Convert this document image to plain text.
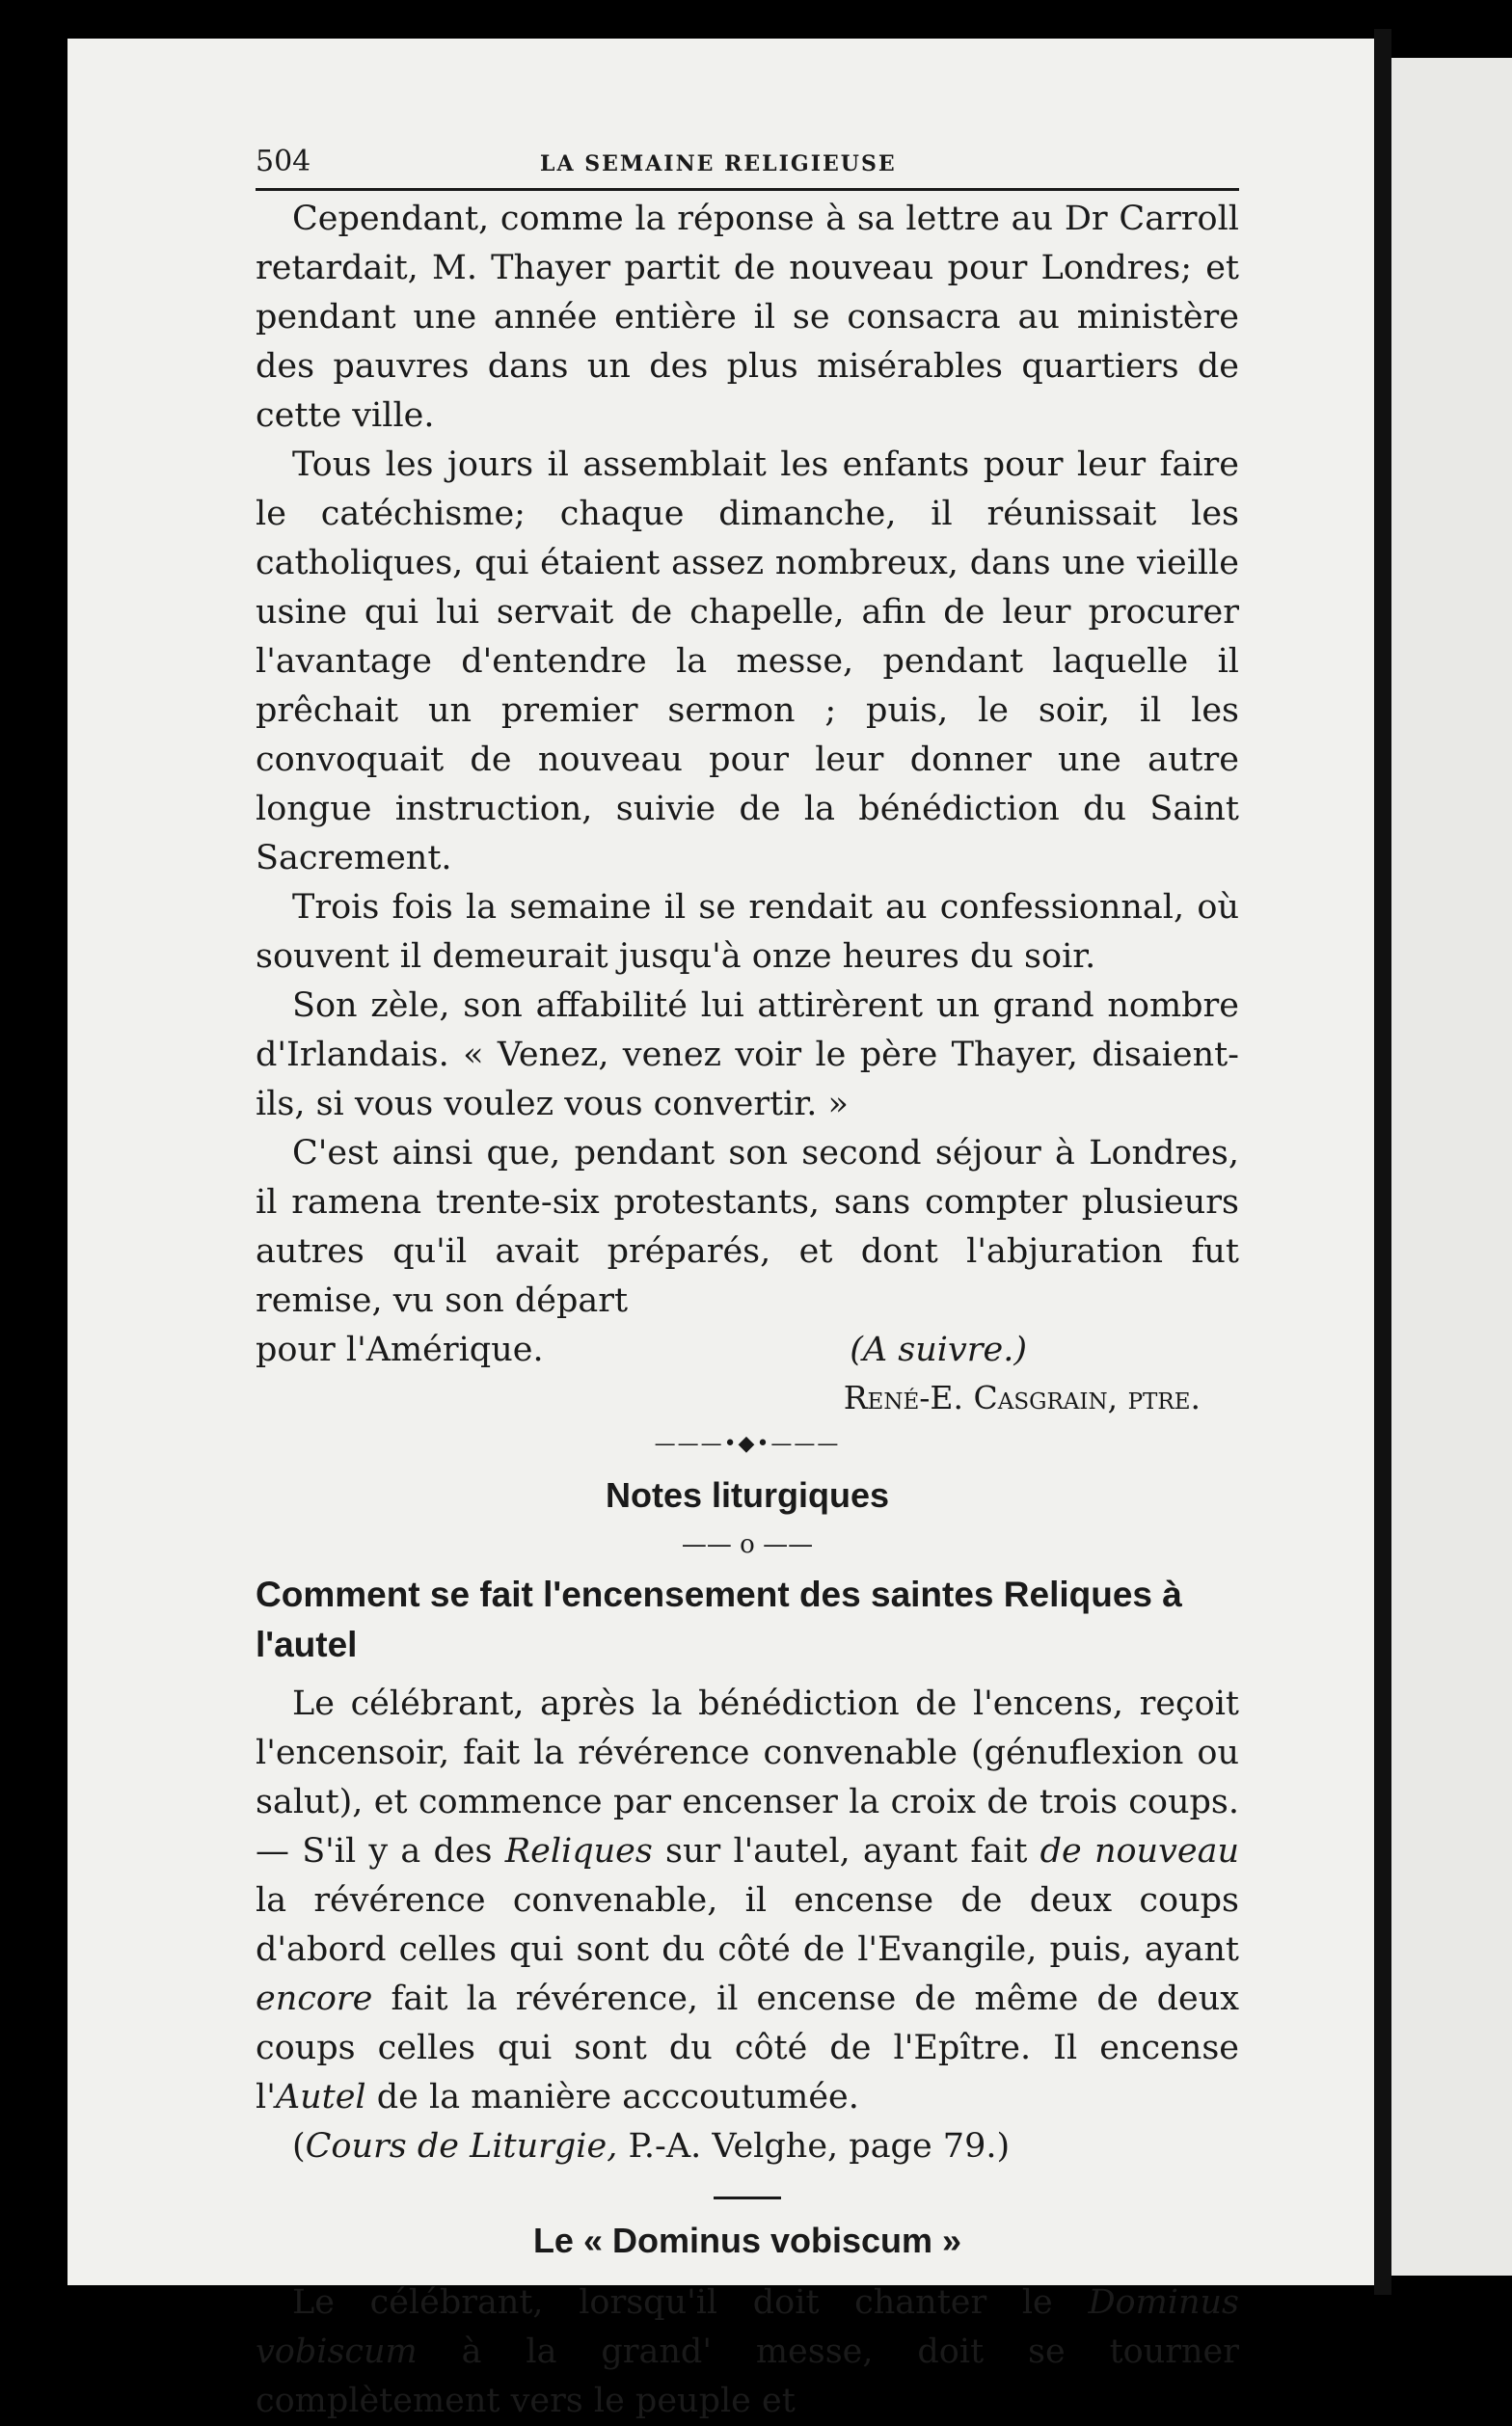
504	LA SEMAINE RELIGIEUSE

Cependant, comme la réponse à sa lettre au Dr Carroll retardait, M. Thayer partit de nouveau pour Londres; et pendant une année entière il se consacra au ministère des pauvres dans un des plus misérables quartiers de cette ville.

Tous les jours il assemblait les enfants pour leur faire le catéchisme; chaque dimanche, il réunissait les catholiques, qui étaient assez nombreux, dans une vieille usine qui lui servait de chapelle, afin de leur procurer l'avantage d'entendre la messe, pendant laquelle il prêchait un premier sermon ; puis, le soir, il les convoquait de nouveau pour leur donner une autre longue instruction, suivie de la bénédiction du Saint Sacrement.

Trois fois la semaine il se rendait au confessionnal, où souvent il demeurait jusqu'à onze heures du soir.

Son zèle, son affabilité lui attirèrent un grand nombre d'Irlandais. « Venez, venez voir le père Thayer, disaient-ils, si vous voulez vous convertir. »

C'est ainsi que, pendant son second séjour à Londres, il ramena trente-six protestants, sans compter plusieurs autres qu'il avait préparés, et dont l'abjuration fut remise, vu son départ

pour l'Amérique.	(A suivre.)

René-E. Casgrain, ptre.
———•◆•———
Notes liturgiques
—— o ——
Comment se fait l'encensement des saintes Reliques à l'autel

Le célébrant, après la bénédiction de l'encens, reçoit l'encensoir, fait la révérence convenable (génuflexion ou salut), et commence par encenser la croix de trois coups. — S'il y a des Reliques sur l'autel, ayant fait de nouveau la révérence convenable, il encense de deux coups d'abord celles qui sont du côté de l'Evangile, puis, ayant encore fait la révérence, il encense de même de deux coups celles qui sont du côté de l'Epître. Il encense l'Autel de la manière acccoutumée.

(Cours de Liturgie, P.-A. Velghe, page 79.)

Le « Dominus vobiscum »

Le célébrant, lorsqu'il doit chanter le Dominus vobiscum à la grand' messe, doit se tourner complètement vers le peuple et
